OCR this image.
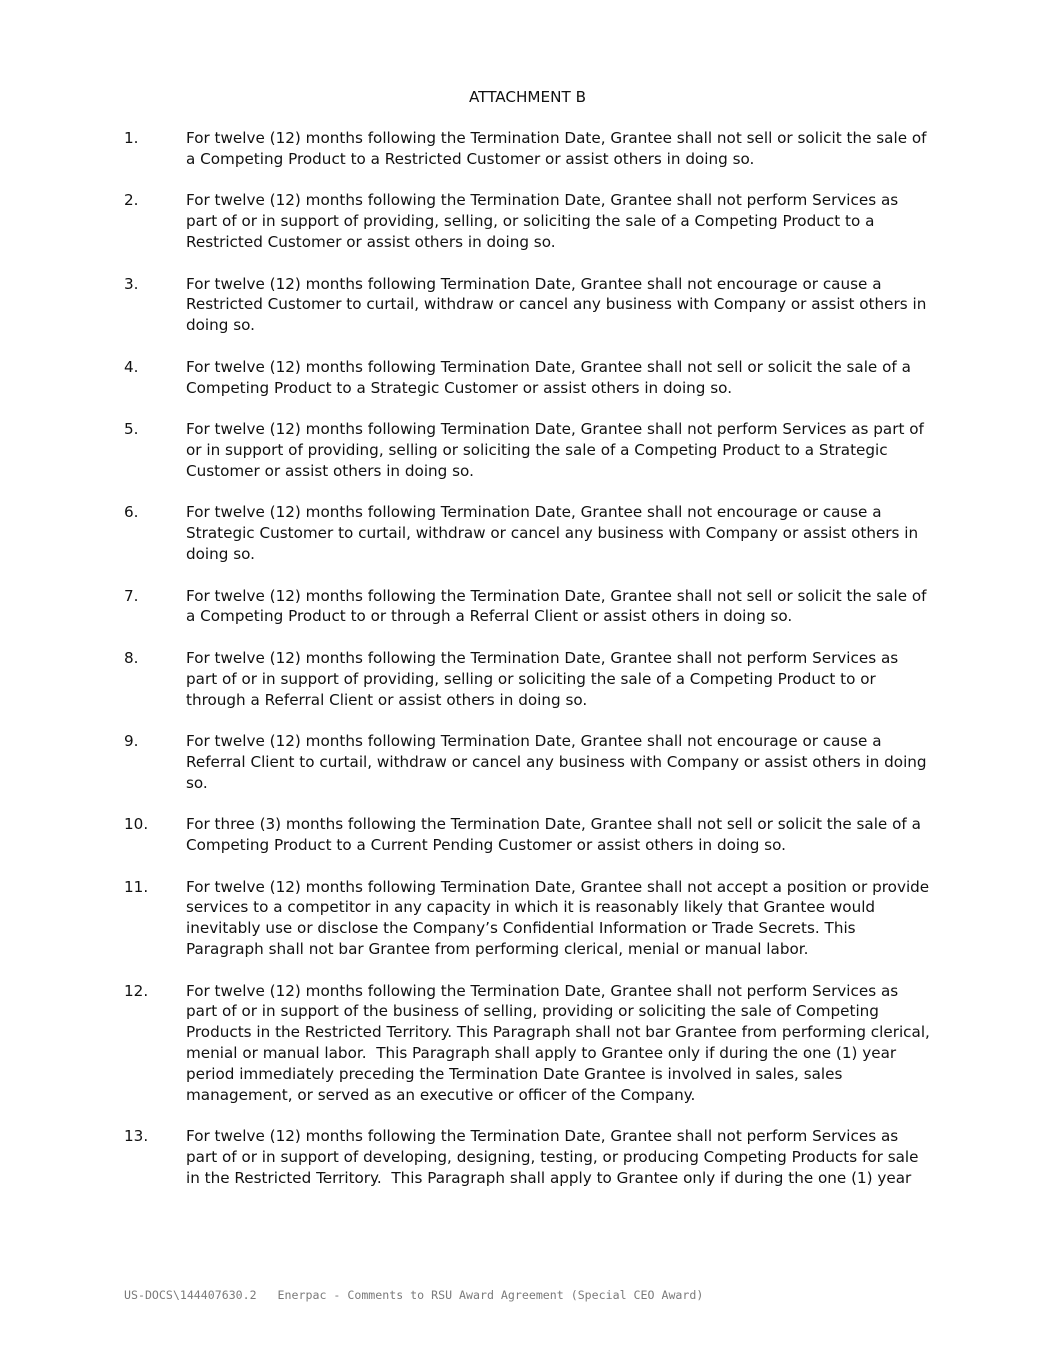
ATTACHMENT B
1.	For twelve (12) months following the Termination Date, Grantee shall not sell or solicit the sale of a Competing Product to a Restricted Customer or assist others in doing so.
2.	For twelve (12) months following the Termination Date, Grantee shall not perform Services as part of or in support of providing, selling, or soliciting the sale of a Competing Product to a Restricted Customer or assist others in doing so.
3.	For twelve (12) months following Termination Date, Grantee shall not encourage or cause a Restricted Customer to curtail, withdraw or cancel any business with Company or assist others in doing so.
4.	For twelve (12) months following Termination Date, Grantee shall not sell or solicit the sale of a Competing Product to a Strategic Customer or assist others in doing so.
5.	For twelve (12) months following Termination Date, Grantee shall not perform Services as part of or in support of providing, selling or soliciting the sale of a Competing Product to a Strategic Customer or assist others in doing so.
6.	For twelve (12) months following Termination Date, Grantee shall not encourage or cause a Strategic Customer to curtail, withdraw or cancel any business with Company or assist others in doing so.
7.	For twelve (12) months following the Termination Date, Grantee shall not sell or solicit the sale of a Competing Product to or through a Referral Client or assist others in doing so.
8.	For twelve (12) months following the Termination Date, Grantee shall not perform Services as part of or in support of providing, selling or soliciting the sale of a Competing Product to or through a Referral Client or assist others in doing so.
9.	For twelve (12) months following Termination Date, Grantee shall not encourage or cause a Referral Client to curtail, withdraw or cancel any business with Company or assist others in doing so.
10.	For three (3) months following the Termination Date, Grantee shall not sell or solicit the sale of a Competing Product to a Current Pending Customer or assist others in doing so.
11.	For twelve (12) months following Termination Date, Grantee shall not accept a position or provide services to a competitor in any capacity in which it is reasonably likely that Grantee would inevitably use or disclose the Company’s Confidential Information or Trade Secrets. This Paragraph shall not bar Grantee from performing clerical, menial or manual labor.
12.	For twelve (12) months following the Termination Date, Grantee shall not perform Services as part of or in support of the business of selling, providing or soliciting the sale of Competing Products in the Restricted Territory. This Paragraph shall not bar Grantee from performing clerical, menial or manual labor.  This Paragraph shall apply to Grantee only if during the one (1) year period immediately preceding the Termination Date Grantee is involved in sales, sales management, or served as an executive or officer of the Company.
13.	For twelve (12) months following the Termination Date, Grantee shall not perform Services as part of or in support of developing, designing, testing, or producing Competing Products for sale in the Restricted Territory.  This Paragraph shall apply to Grantee only if during the one (1) year
US-DOCS\144407630.2   Enerpac - Comments to RSU Award Agreement (Special CEO Award)
